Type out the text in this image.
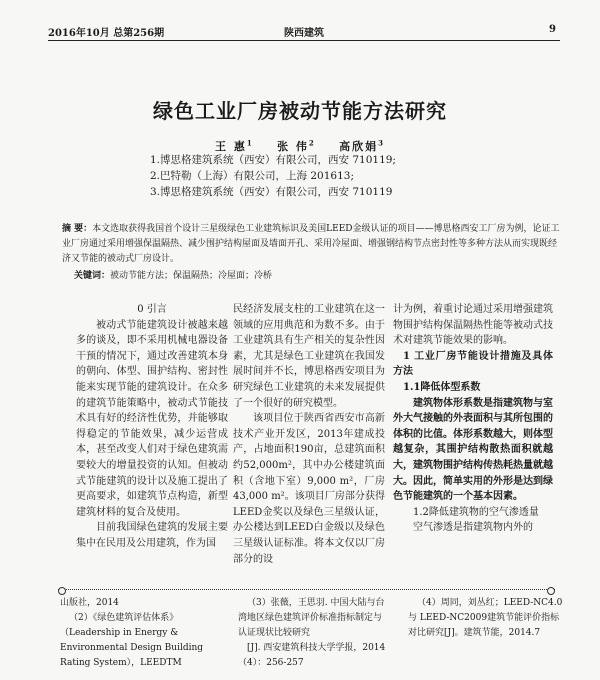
2016年10月 总第256期	陕西建筑	9
绿色工业厂房被动节能方法研究
王 惠$^1$ 张 伟$^2$ 高欣娟$^3$
1.博思格建筑系统（西安）有限公司，西安 710119;
2.巴特勒（上海）有限公司，上海 201613;
3.博思格建筑系统（西安）有限公司，西安 710119
摘 要：本文选取获得我国首个设计三星级绿色工业建筑标识及美国LEED金级认证的项目——博思格西安工厂房为例，论证工业厂房通过采用增强保温隔热、减少围护结构屋面及墙面开孔、采用冷屋面、增强钢结构节点密封性等多种方法从而实现既经济又节能的被动式厂房设计。
关键词：被动节能方法；保温隔热；冷屋面；冷桥

0 引言

被动式节能建筑设计被越来越多的谈及，即不采用机械电器设备干预的情况下，通过改善建筑本身的朝向、体型、围护结构、密封性能来实现节能的建筑设计。在众多的建筑节能策略中，被动式节能技术具有好的经济性优势，并能够取得稳定的节能效果，减少运营成本，甚至改变人们对于绿色建筑需要较大的增量投资的认知。但被动式节能建筑的设计以及施工提出了更高要求，如建筑节点构造，新型建筑材料的复合及使用。

目前我国绿色建筑的发展主要集中在民用及公用建筑，作为国

民经济发展支柱的工业建筑在这一领域的应用典范和为数不多。由于工业建筑具有生产相关的复杂性因素，尤其是绿色工业建筑在我国发展时间并不长，博思格西安项目为研究绿色工业建筑的未来发展提供了一个很好的研究模型。

该项目位于陕西省西安市高新技术产业开发区，2013年建成投产，占地面积190亩，总建筑面积约52,000m²，其中办公楼建筑面积（含地下室）9,000 m²，厂房43,000 m²。该项目厂房部分获得LEED金奖以及绿色三星级认证，办公楼达到LEED白金级以及绿色三星级认证标准。将本文仅以厂房部分的设

计为例，着重讨论通过采用增强建筑物围护结构保温隔热性能等被动式技术对建筑节能效果的影响。

1 工业厂房节能设计措施及具体方法

1.1降低体型系数

建筑物体形系数是指建筑物与室外大气接触的外表面积与其所包围的体积的比值。体形系数越大，则体型越复杂，其围护结构散热面积就越大，建筑物围护结构传热耗热量就越大。因此，简单实用的外形是达到绿色节能建筑的一个基本因素。

1.2降低建筑物的空气渗透量

空气渗透是指建筑物内外的

山版社，2014
（2）《绿色建筑评估体系》（Leadership in Energy & Environmental Design Building Rating System），LEEDTM
（3）张薇，王思羽. 中国大陆与台湾地区绿色建筑评价标准指标制定与认证现状比较研究
[J]. 西安建筑科技大学学报，2014（4）：256-257
（4）周同，刘丛红；LEED-NC4.0 与 LEED-NC2009建筑节能评价指标对比研究[J]。建筑节能，2014.7
